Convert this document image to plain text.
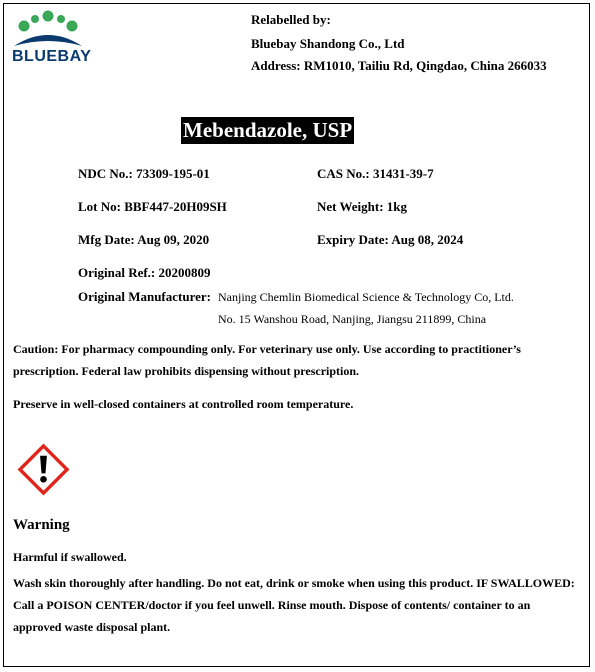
BLUEBAY
Relabelled by:
Bluebay Shandong Co., Ltd
Address: RM1010, Tailiu Rd, Qingdao, China 266033
Mebendazole, USP
NDC No.: 73309-195-01	CAS No.: 31431-39-7
Lot No: BBF447-20H09SH	Net Weight: 1kg
Mfg Date: Aug 09, 2020	Expiry Date: Aug 08, 2024
Original Ref.: 20200809
Original Manufacturer: Nanjing Chemlin Biomedical Science & Technology Co, Ltd.
No. 15 Wanshou Road, Nanjing, Jiangsu 211899, China
Caution: For pharmacy compounding only. For veterinary use only. Use according to practitioner’s
prescription. Federal law prohibits dispensing without prescription.
Preserve in well-closed containers at controlled room temperature.
Warning
Harmful if swallowed.
Wash skin thoroughly after handling. Do not eat, drink or smoke when using this product. IF SWALLOWED:
Call a POISON CENTER/doctor if you feel unwell. Rinse mouth. Dispose of contents/ container to an
approved waste disposal plant.
